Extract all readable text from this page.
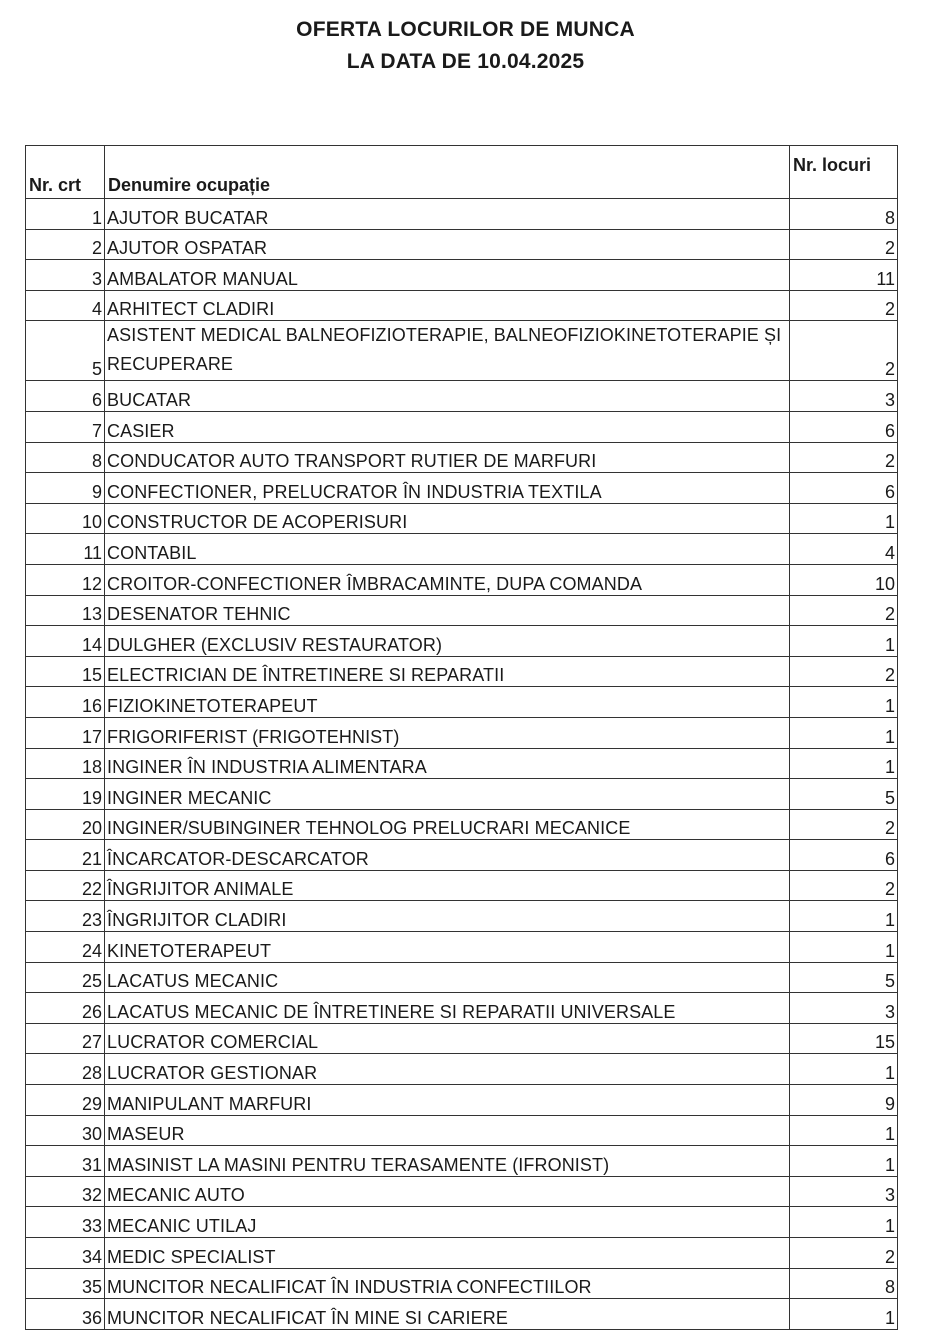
OFERTA LOCURILOR DE MUNCA
LA DATA DE 10.04.2025
Nr. crt	Denumire ocupație	Nr. locuri
1	AJUTOR BUCATAR	8
2	AJUTOR OSPATAR	2
3	AMBALATOR MANUAL	11
4	ARHITECT CLADIRI	2
5	ASISTENT MEDICAL BALNEOFIZIOTERAPIE, BALNEOFIZIOKINETOTERAPIE ȘI RECUPERARE	2
6	BUCATAR	3
7	CASIER	6
8	CONDUCATOR AUTO TRANSPORT RUTIER DE MARFURI	2
9	CONFECTIONER, PRELUCRATOR ÎN INDUSTRIA TEXTILA	6
10	CONSTRUCTOR DE ACOPERISURI	1
11	CONTABIL	4
12	CROITOR-CONFECTIONER ÎMBRACAMINTE, DUPA COMANDA	10
13	DESENATOR TEHNIC	2
14	DULGHER (EXCLUSIV RESTAURATOR)	1
15	ELECTRICIAN DE ÎNTRETINERE SI REPARATII	2
16	FIZIOKINETOTERAPEUT	1
17	FRIGORIFERIST (FRIGOTEHNIST)	1
18	INGINER ÎN INDUSTRIA ALIMENTARA	1
19	INGINER MECANIC	5
20	INGINER/SUBINGINER TEHNOLOG PRELUCRARI MECANICE	2
21	ÎNCARCATOR-DESCARCATOR	6
22	ÎNGRIJITOR ANIMALE	2
23	ÎNGRIJITOR CLADIRI	1
24	KINETOTERAPEUT	1
25	LACATUS MECANIC	5
26	LACATUS MECANIC DE ÎNTRETINERE SI REPARATII UNIVERSALE	3
27	LUCRATOR COMERCIAL	15
28	LUCRATOR GESTIONAR	1
29	MANIPULANT MARFURI	9
30	MASEUR	1
31	MASINIST LA MASINI PENTRU TERASAMENTE (IFRONIST)	1
32	MECANIC AUTO	3
33	MECANIC UTILAJ	1
34	MEDIC SPECIALIST	2
35	MUNCITOR NECALIFICAT ÎN INDUSTRIA CONFECTIILOR	8
36	MUNCITOR NECALIFICAT ÎN MINE SI CARIERE	1
